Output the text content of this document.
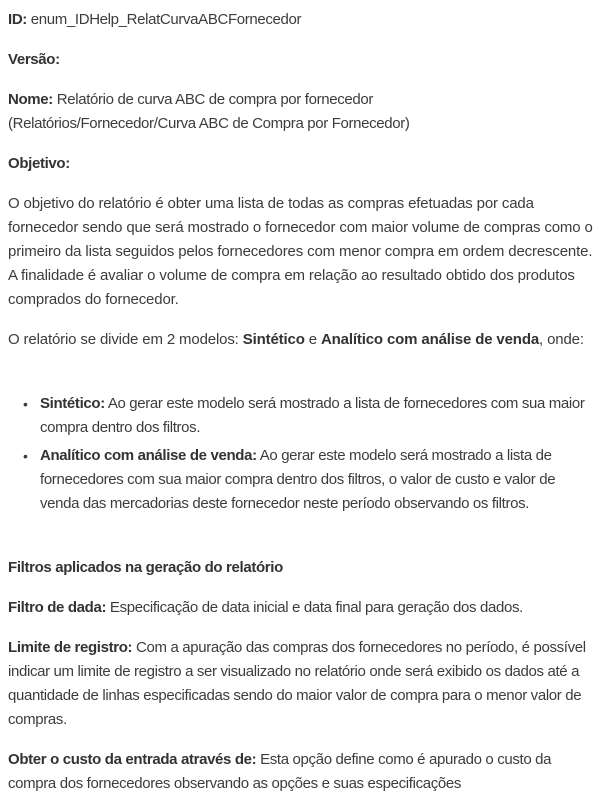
ID: enum_IDHelp_RelatCurvaABCFornecedor

Versão:

Nome: Relatório de curva ABC de compra por fornecedor
(Relatórios/Fornecedor/Curva ABC de Compra por Fornecedor)

Objetivo:

O objetivo do relatório é obter uma lista de todas as compras efetuadas por cada fornecedor sendo que será mostrado o fornecedor com maior volume de compras como o primeiro da lista seguidos pelos fornecedores com menor compra em ordem decrescente. A finalidade é avaliar o volume de compra em relação ao resultado obtido dos produtos comprados do fornecedor.

O relatório se divide em 2 modelos: Sintético e Analítico com análise de venda, onde:

• Sintético: Ao gerar este modelo será mostrado a lista de fornecedores com sua maior compra dentro dos filtros.
• Analítico com análise de venda: Ao gerar este modelo será mostrado a lista de fornecedores com sua maior compra dentro dos filtros, o valor de custo e valor de venda das mercadorias deste fornecedor neste período observando os filtros.

Filtros aplicados na geração do relatório

Filtro de dada: Especificação de data inicial e data final para geração dos dados.

Limite de registro: Com a apuração das compras dos fornecedores no período, é possível indicar um limite de registro a ser visualizado no relatório onde será exibido os dados até a quantidade de linhas especificadas sendo do maior valor de compra para o menor valor de compras.

Obter o custo da entrada através de: Esta opção define como é apurado o custo da compra dos fornecedores observando as opções e suas especificações
